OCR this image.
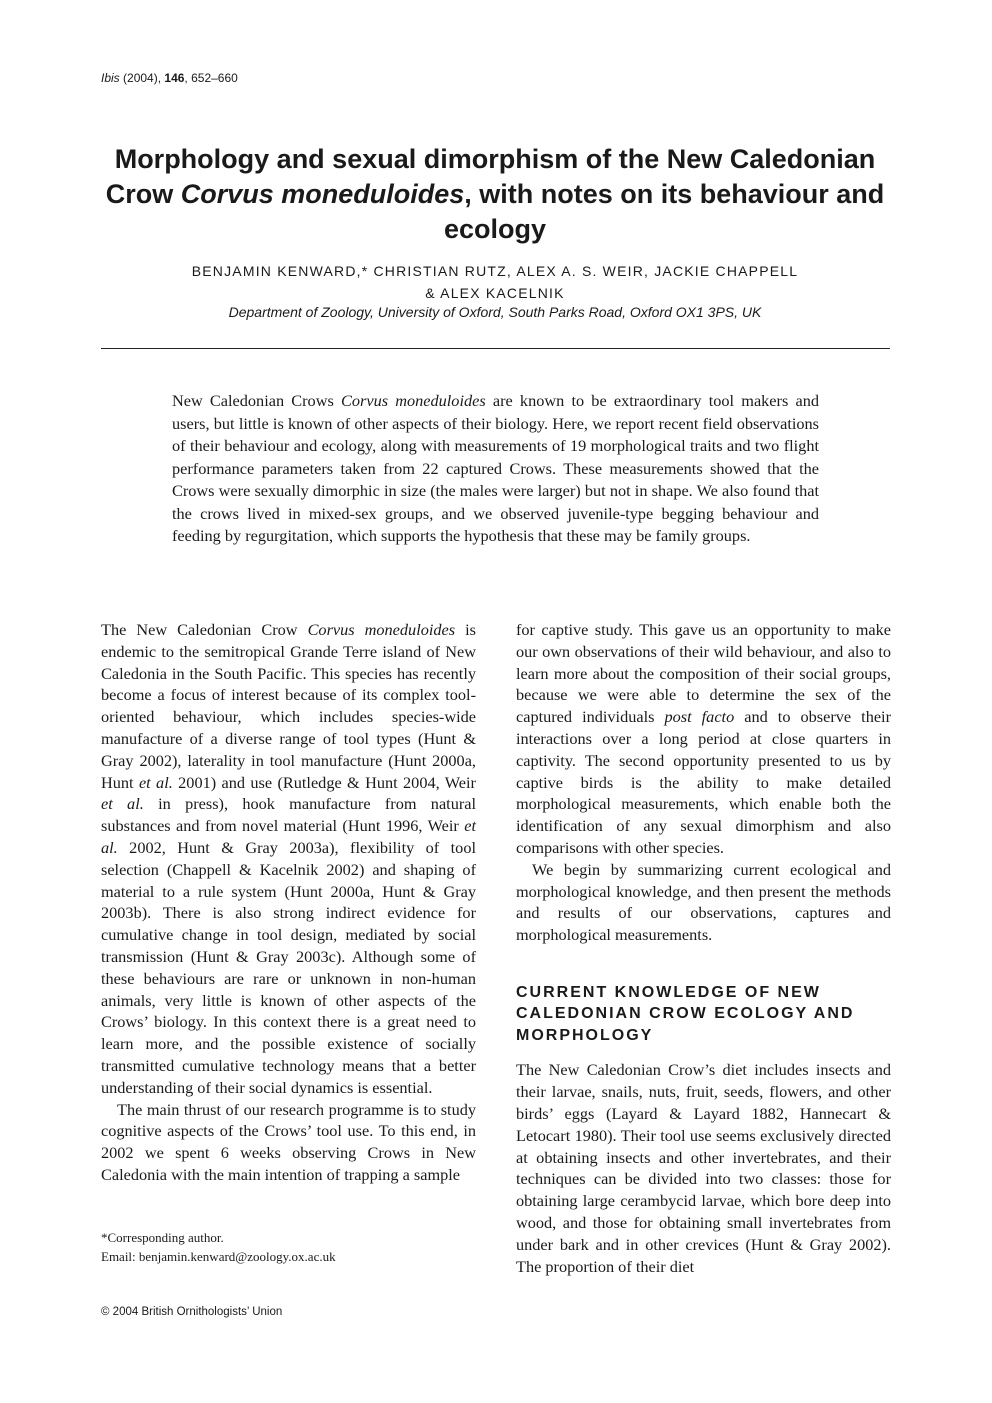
Ibis (2004), 146, 652–660
Morphology and sexual dimorphism of the New Caledonian Crow Corvus moneduloides, with notes on its behaviour and ecology
BENJAMIN KENWARD,* CHRISTIAN RUTZ, ALEX A. S. WEIR, JACKIE CHAPPELL
& ALEX KACELNIK
Department of Zoology, University of Oxford, South Parks Road, Oxford OX1 3PS, UK

New Caledonian Crows Corvus moneduloides are known to be extraordinary tool makers and users, but little is known of other aspects of their biology. Here, we report recent field observations of their behaviour and ecology, along with measurements of 19 morphological traits and two flight performance parameters taken from 22 captured Crows. These measurements showed that the Crows were sexually dimorphic in size (the males were larger) but not in shape. We also found that the crows lived in mixed-sex groups, and we observed juvenile-type begging behaviour and feeding by regurgitation, which supports the hypothesis that these may be family groups.

The New Caledonian Crow Corvus moneduloides is endemic to the semitropical Grande Terre island of New Caledonia in the South Pacific. This species has recently become a focus of interest because of its complex tool-oriented behaviour, which includes species-wide manufacture of a diverse range of tool types (Hunt & Gray 2002), laterality in tool manufacture (Hunt 2000a, Hunt et al. 2001) and use (Rutledge & Hunt 2004, Weir et al. in press), hook manufacture from natural substances and from novel material (Hunt 1996, Weir et al. 2002, Hunt & Gray 2003a), flexibility of tool selection (Chappell & Kacelnik 2002) and shaping of material to a rule system (Hunt 2000a, Hunt & Gray 2003b). There is also strong indirect evidence for cumulative change in tool design, mediated by social transmission (Hunt & Gray 2003c). Although some of these behaviours are rare or unknown in non-human animals, very little is known of other aspects of the Crows’ biology. In this context there is a great need to learn more, and the possible existence of socially transmitted cumulative technology means that a better understanding of their social dynamics is essential.

The main thrust of our research programme is to study cognitive aspects of the Crows’ tool use. To this end, in 2002 we spent 6 weeks observing Crows in New Caledonia with the main intention of trapping a sample

for captive study. This gave us an opportunity to make our own observations of their wild behaviour, and also to learn more about the composition of their social groups, because we were able to determine the sex of the captured individuals post facto and to observe their interactions over a long period at close quarters in captivity. The second opportunity presented to us by captive birds is the ability to make detailed morphological measurements, which enable both the identification of any sexual dimorphism and also comparisons with other species.

We begin by summarizing current ecological and morphological knowledge, and then present the methods and results of our observations, captures and morphological measurements.

CURRENT KNOWLEDGE OF NEW CALEDONIAN CROW ECOLOGY AND MORPHOLOGY

The New Caledonian Crow’s diet includes insects and their larvae, snails, nuts, fruit, seeds, flowers, and other birds’ eggs (Layard & Layard 1882, Hannecart & Letocart 1980). Their tool use seems exclusively directed at obtaining insects and other invertebrates, and their techniques can be divided into two classes: those for obtaining large cerambycid larvae, which bore deep into wood, and those for obtaining small invertebrates from under bark and in other crevices (Hunt & Gray 2002). The proportion of their diet

*Corresponding author.
Email: benjamin.kenward@zoology.ox.ac.uk
© 2004 British Ornithologists’ Union
